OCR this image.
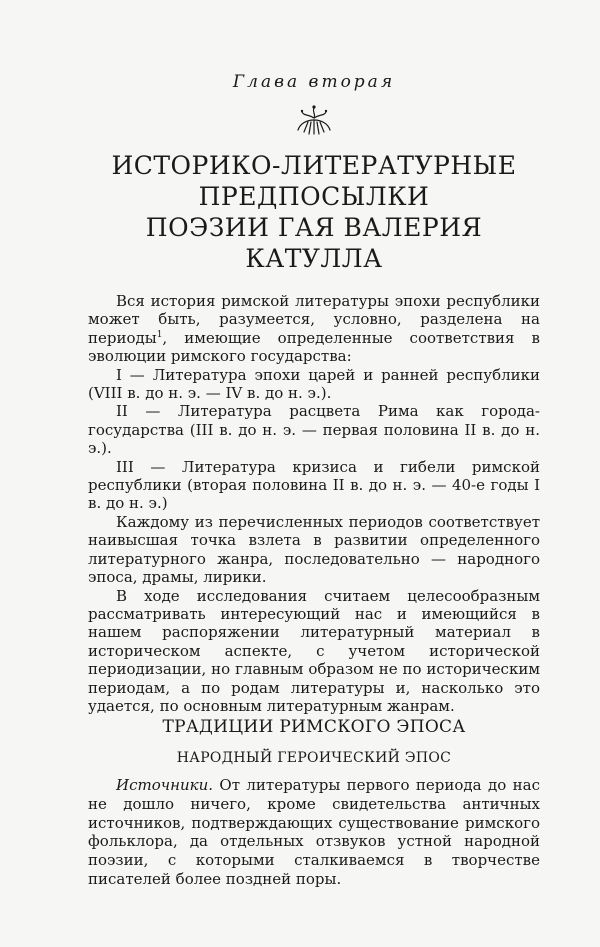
Глава вторая

ИСТОРИКО-ЛИТЕРАТУРНЫЕ
ПРЕДПОСЫЛКИ
ПОЭЗИИ ГАЯ ВАЛЕРИЯ КАТУЛЛА

Вся история римской литературы эпохи республики может быть, разумеется, условно, разделена на периоды$^1$, имеющие определенные соответствия в эволюции римского государства:

I — Литература эпохи царей и ранней республики (VIII в. до н. э. — IV в. до н. э.).

II — Литература расцвета Рима как города-государства (III в. до н. э. — первая половина II в. до н. э.).

III — Литература кризиса и гибели римской республики (вторая половина II в. до н. э. — 40-е годы I в. до н. э.)

Каждому из перечисленных периодов соответствует наивысшая точка взлета в развитии определенного литературного жанра, последовательно — народного эпоса, драмы, лирики.

В ходе исследования считаем целесообразным рассматривать интересующий нас и имеющийся в нашем распоряжении литературный материал в историческом аспекте, с учетом исторической периодизации, но главным образом не по историческим периодам, а по родам литературы и, насколько это удается, по основным литературным жанрам.

ТРАДИЦИИ РИМСКОГО ЭПОСА
НАРОДНЫЙ ГЕРОИЧЕСКИЙ ЭПОС

Источники. От литературы первого периода до нас не дошло ничего, кроме свидетельства античных источников, подтверждающих существование римского фольклора, да отдельных отзвуков устной народной поэзии, с которыми сталкиваемся в творчестве писателей более поздней поры.
